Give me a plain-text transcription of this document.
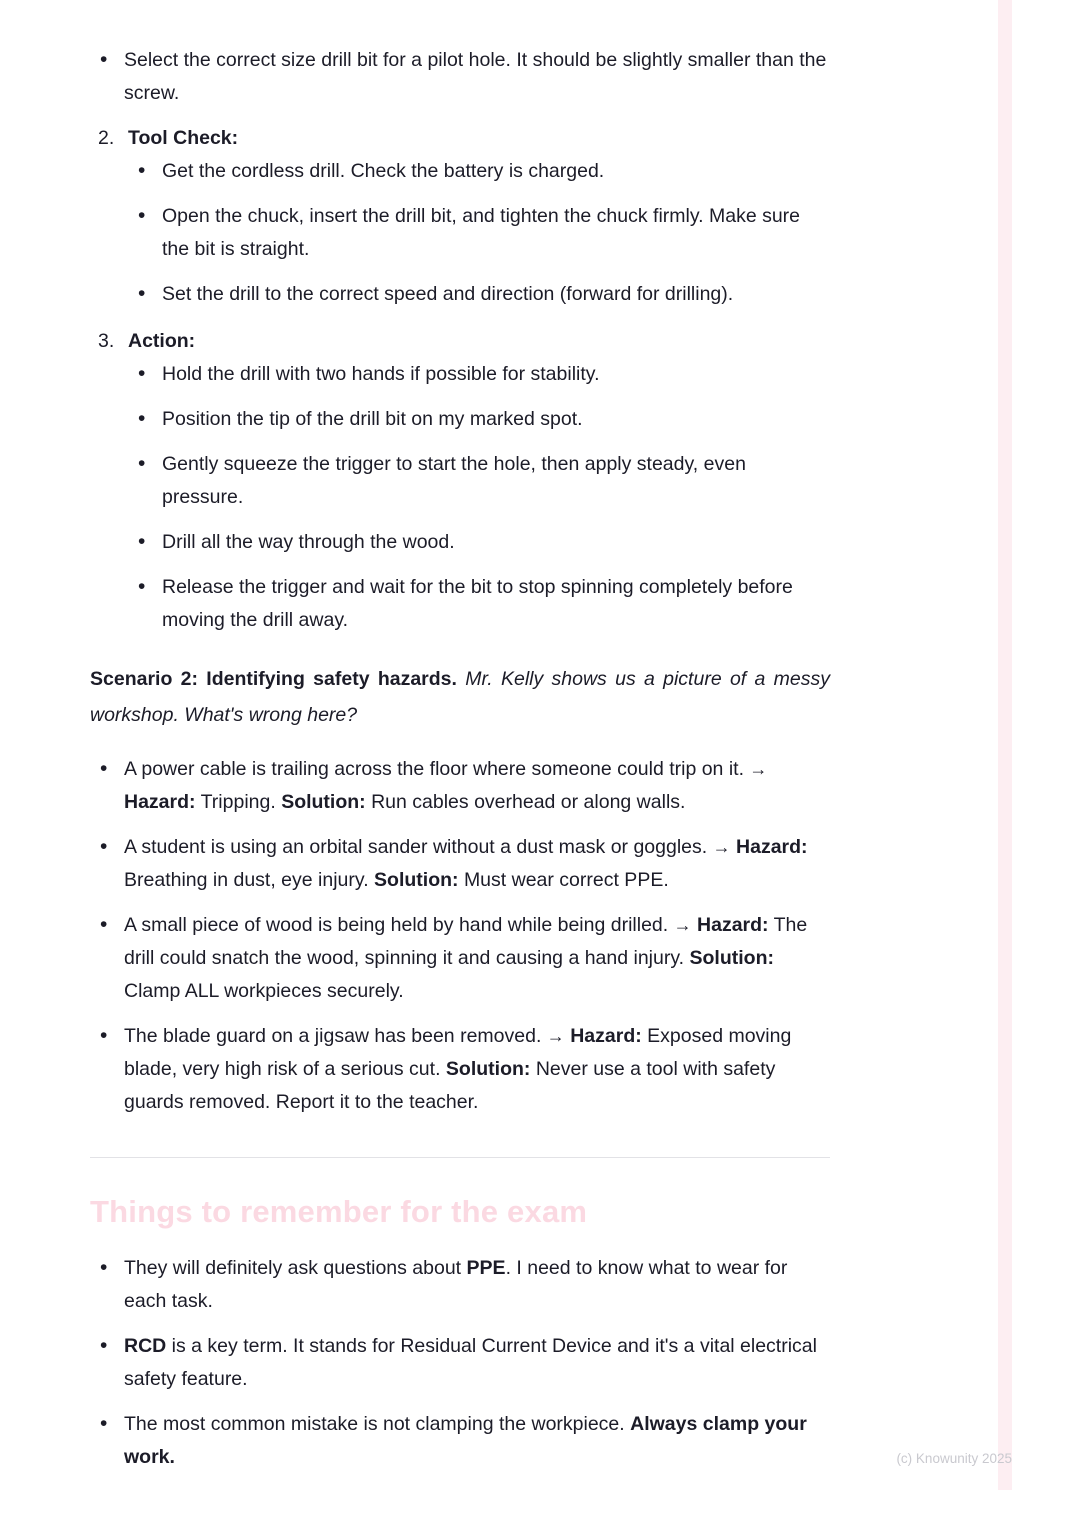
• Select the correct size drill bit for a pilot hole. It should be slightly smaller than the screw.
2. Tool Check:
• Get the cordless drill. Check the battery is charged.
• Open the chuck, insert the drill bit, and tighten the chuck firmly. Make sure the bit is straight.
• Set the drill to the correct speed and direction (forward for drilling).
3. Action:
• Hold the drill with two hands if possible for stability.
• Position the tip of the drill bit on my marked spot.
• Gently squeeze the trigger to start the hole, then apply steady, even pressure.
• Drill all the way through the wood.
• Release the trigger and wait for the bit to stop spinning completely before moving the drill away.

Scenario 2: Identifying safety hazards. Mr. Kelly shows us a picture of a messy workshop. What's wrong here?

• A power cable is trailing across the floor where someone could trip on it. → Hazard: Tripping. Solution: Run cables overhead or along walls.
• A student is using an orbital sander without a dust mask or goggles. → Hazard: Breathing in dust, eye injury. Solution: Must wear correct PPE.
• A small piece of wood is being held by hand while being drilled. → Hazard: The drill could snatch the wood, spinning it and causing a hand injury. Solution: Clamp ALL workpieces securely.
• The blade guard on a jigsaw has been removed. → Hazard: Exposed moving blade, very high risk of a serious cut. Solution: Never use a tool with safety guards removed. Report it to the teacher.
Things to remember for the exam
• They will definitely ask questions about PPE. I need to know what to wear for each task.
• RCD is a key term. It stands for Residual Current Device and it's a vital electrical safety feature.
• The most common mistake is not clamping the workpiece. Always clamp your work.	(c) Knowunity 2025
